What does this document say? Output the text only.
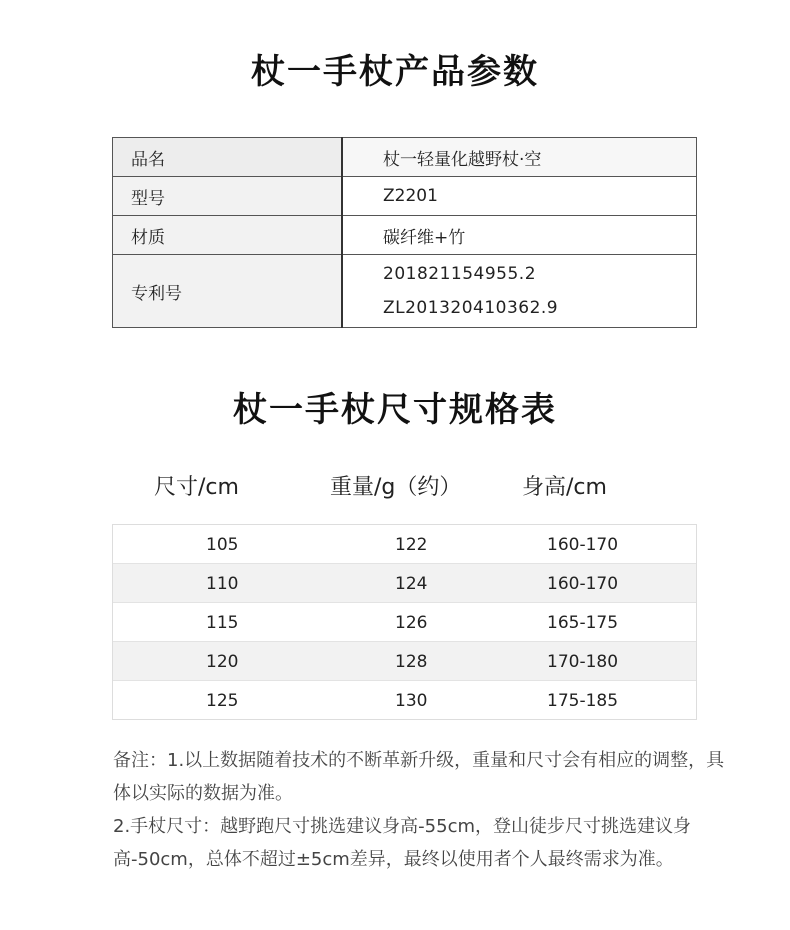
杖一手杖产品参数
品名	杖一轻量化越野杖·空
型号	Z2201
材质	碳纤维+竹
专利号	201821154955.2
ZL201320410362.9
杖一手杖尺寸规格表
尺寸/cm	重量/g（约）	身高/cm
105	122	160-170
110	124	160-170
115	126	165-175
120	128	170-180
125	130	175-185

备注：1.以上数据随着技术的不断革新升级，重量和尺寸会有相应的调整，具体以实际的数据为准。

2.手杖尺寸：越野跑尺寸挑选建议身高-55cm，登山徒步尺寸挑选建议身高-50cm，总体不超过±5cm差异，最终以使用者个人最终需求为准。
